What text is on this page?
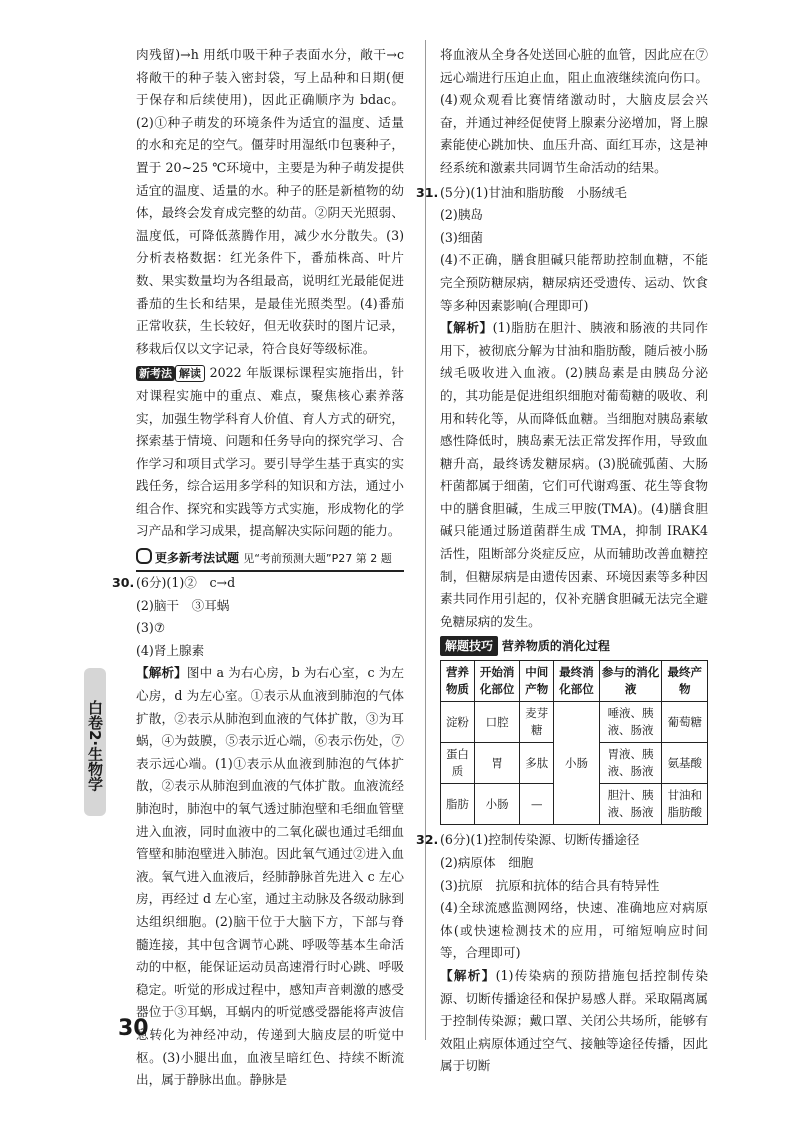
肉残留)→h 用纸巾吸干种子表面水分，敞干→c 将敞干的种子装入密封袋，写上品种和日期(便于保存和后续使用)，因此正确顺序为 bdac。(2)①种子萌发的环境条件为适宜的温度、适量的水和充足的空气。僵芽时用湿纸巾包裹种子，置于 20~25 ℃环境中，主要是为种子萌发提供适宜的温度、适量的水。种子的胚是新植物的幼体，最终会发育成完整的幼苗。②阴天光照弱、温度低，可降低蒸腾作用，减少水分散失。(3)分析表格数据：红光条件下，番茄株高、叶片数、果实数量均为各组最高，说明红光最能促进番茄的生长和结果，是最佳光照类型。(4)番茄正常收获，生长较好，但无收获时的图片记录，移栽后仅以文字记录，符合良好等级标准。

新考法 解读 2022 年版课标课程实施指出，针对课程实施中的重点、难点，聚焦核心素养落实，加强生物学科育人价值、育人方式的研究，探索基于情境、问题和任务导向的探究学习、合作学习和项目式学习。要引导学生基于真实的实践任务，综合运用多学科的知识和方法，通过小组合作、探究和实践等方式实施，形成物化的学习产品和学习成果，提高解决实际问题的能力。

更多新考法试题 见“考前预测大题”P27 第 2 题

30. (6分)(1)②　c→d

(2)脑干　③耳蜗

(3)⑦

(4)肾上腺素

【解析】图中 a 为右心房，b 为右心室，c 为左心房，d 为左心室。①表示从血液到肺泡的气体扩散，②表示从肺泡到血液的气体扩散，③为耳蜗，④为鼓膜，⑤表示近心端，⑥表示伤处，⑦表示远心端。(1)①表示从血液到肺泡的气体扩散，②表示从肺泡到血液的气体扩散。血液流经肺泡时，肺泡中的氧气透过肺泡壁和毛细血管壁进入血液，同时血液中的二氧化碳也通过毛细血管壁和肺泡壁进入肺泡。因此氧气通过②进入血液。氧气进入血液后，经肺静脉首先进入 c 左心房，再经过 d 左心室，通过主动脉及各级动脉到达组织细胞。(2)脑干位于大脑下方，下部与脊髓连接，其中包含调节心跳、呼吸等基本生命活动的中枢，能保证运动员高速滑行时心跳、呼吸稳定。听觉的形成过程中，感知声音刺激的感受器位于③耳蜗，耳蜗内的听觉感受器能将声波信息转化为神经冲动，传递到大脑皮层的听觉中枢。(3)小腿出血，血液呈暗红色、持续不断流出，属于静脉出血。静脉是

将血液从全身各处送回心脏的血管，因此应在⑦远心端进行压迫止血，阻止血液继续流向伤口。(4)观众观看比赛情绪激动时，大脑皮层会兴奋，并通过神经促使肾上腺素分泌增加，肾上腺素能使心跳加快、血压升高、面红耳赤，这是神经系统和激素共同调节生命活动的结果。

31. (5分)(1)甘油和脂肪酸　小肠绒毛

(2)胰岛

(3)细菌

(4)不正确，膳食胆碱只能帮助控制血糖，不能完全预防糖尿病，糖尿病还受遗传、运动、饮食等多种因素影响(合理即可)

【解析】(1)脂肪在胆汁、胰液和肠液的共同作用下，被彻底分解为甘油和脂肪酸，随后被小肠绒毛吸收进入血液。(2)胰岛素是由胰岛分泌的，其功能是促进组织细胞对葡萄糖的吸收、利用和转化等，从而降低血糖。当细胞对胰岛素敏感性降低时，胰岛素无法正常发挥作用，导致血糖升高，最终诱发糖尿病。(3)脱硫弧菌、大肠杆菌都属于细菌，它们可代谢鸡蛋、花生等食物中的膳食胆碱，生成三甲胺(TMA)。(4)膳食胆碱只能通过肠道菌群生成 TMA，抑制 IRAK4 活性，阻断部分炎症反应，从而辅助改善血糖控制，但糖尿病是由遗传因素、环境因素等多种因素共同作用引起的，仅补充膳食胆碱无法完全避免糖尿病的发生。

解题技巧 营养物质的消化过程
营养物质	开始消化部位	中间产物	最终消化部位	参与的消化液	最终产物
淀粉	口腔	麦芽糖	小肠	唾液、胰液、肠液	葡萄糖
蛋白质	胃	多肽		胃液、胰液、肠液	氨基酸
脂肪	小肠	—		胆汁、胰液、肠液	甘油和脂肪酸

32. (6分)(1)控制传染源、切断传播途径

(2)病原体　细胞

(3)抗原　抗原和抗体的结合具有特异性

(4)全球流感监测网络，快速、准确地应对病原体(或快速检测技术的应用，可缩短响应时间等，合理即可)

【解析】(1)传染病的预防措施包括控制传染源、切断传播途径和保护易感人群。采取隔离属于控制传染源；戴口罩、关闭公共场所，能够有效阻止病原体通过空气、接触等途径传播，因此属于切断

白卷2·生物学
30
